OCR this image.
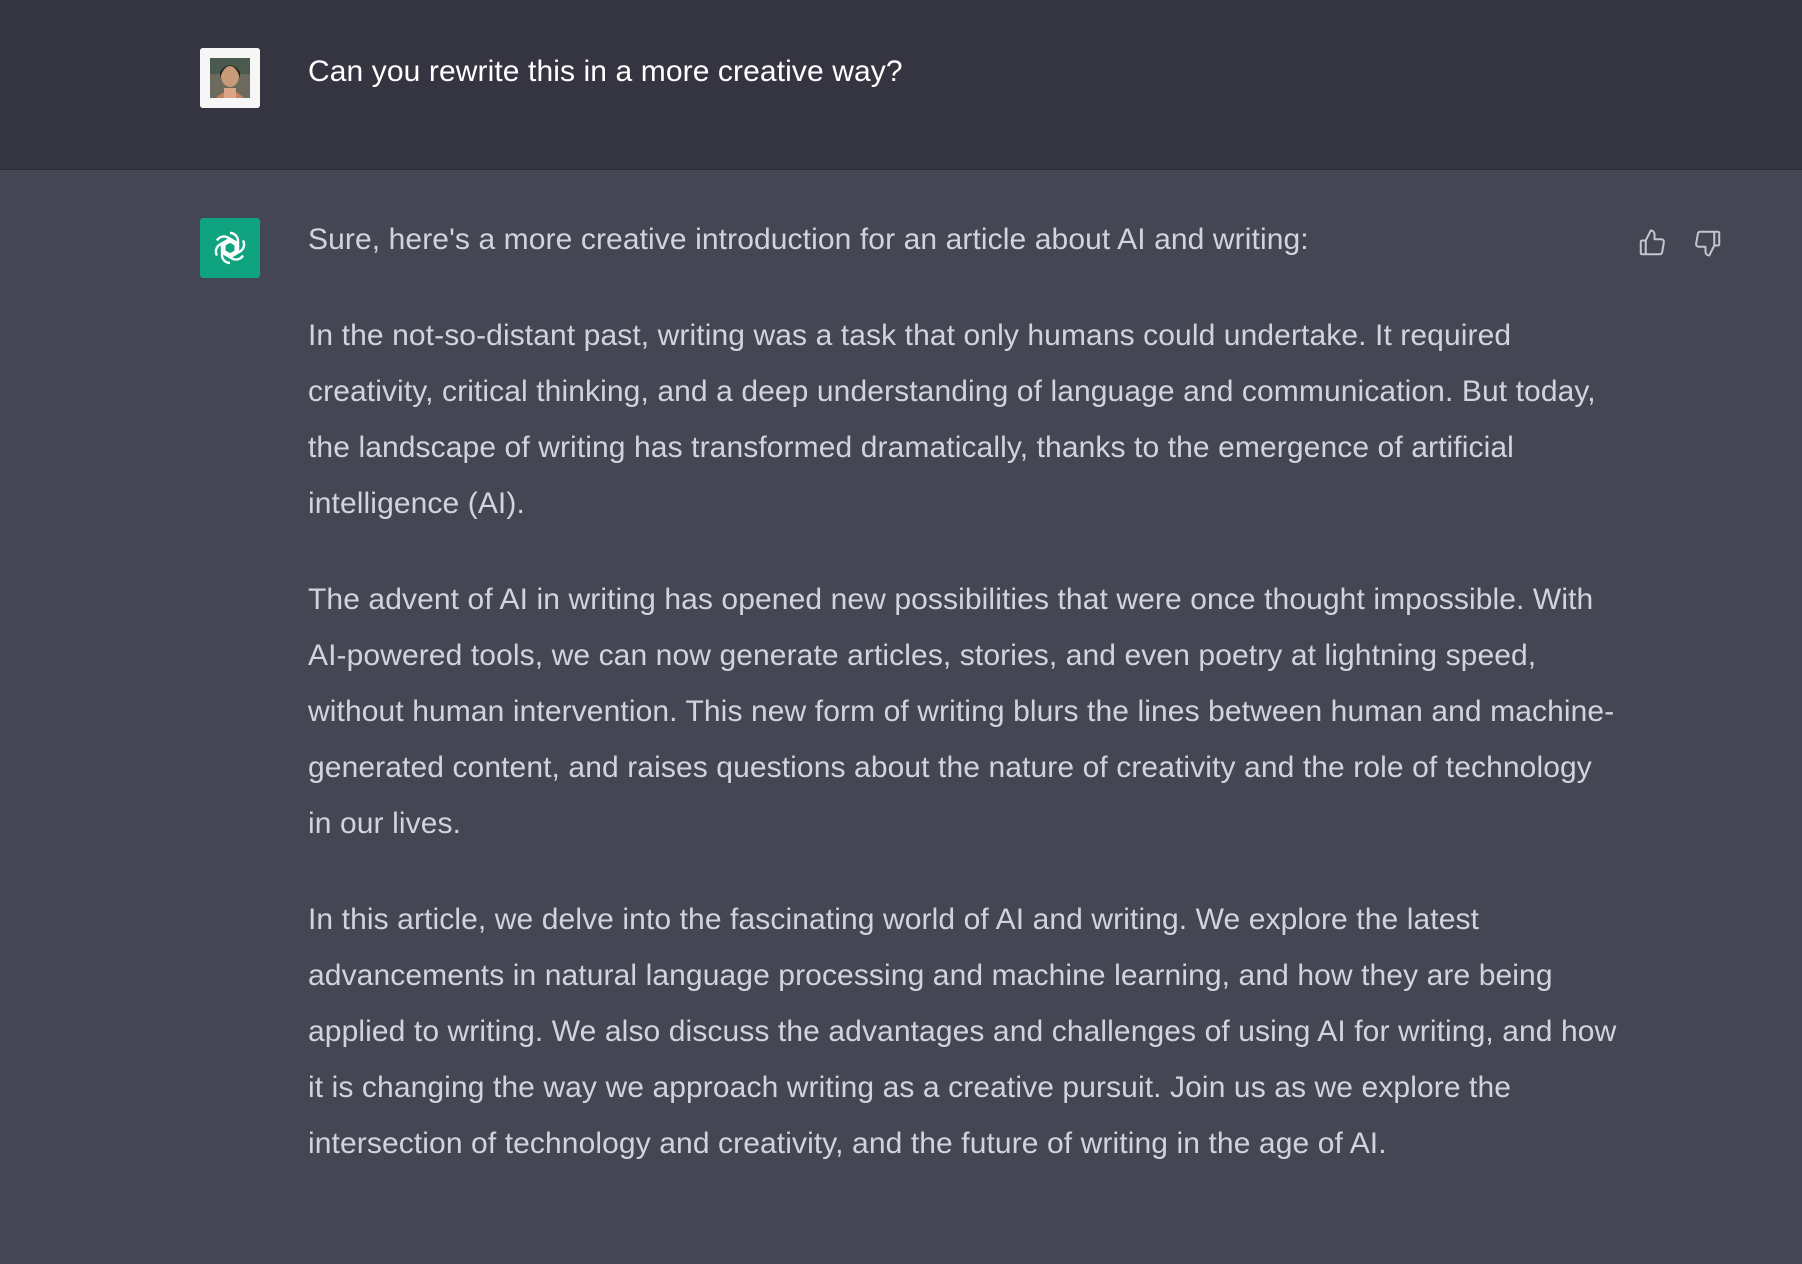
Can you rewrite this in a more creative way?

Sure, here's a more creative introduction for an article about AI and writing:

In the not-so-distant past, writing was a task that only humans could undertake. It required creativity, critical thinking, and a deep understanding of language and communication. But today, the landscape of writing has transformed dramatically, thanks to the emergence of artificial intelligence (AI).

The advent of AI in writing has opened new possibilities that were once thought impossible. With AI-powered tools, we can now generate articles, stories, and even poetry at lightning speed, without human intervention. This new form of writing blurs the lines between human and machine-generated content, and raises questions about the nature of creativity and the role of technology in our lives.

In this article, we delve into the fascinating world of AI and writing. We explore the latest advancements in natural language processing and machine learning, and how they are being applied to writing. We also discuss the advantages and challenges of using AI for writing, and how it is changing the way we approach writing as a creative pursuit. Join us as we explore the intersection of technology and creativity, and the future of writing in the age of AI.
